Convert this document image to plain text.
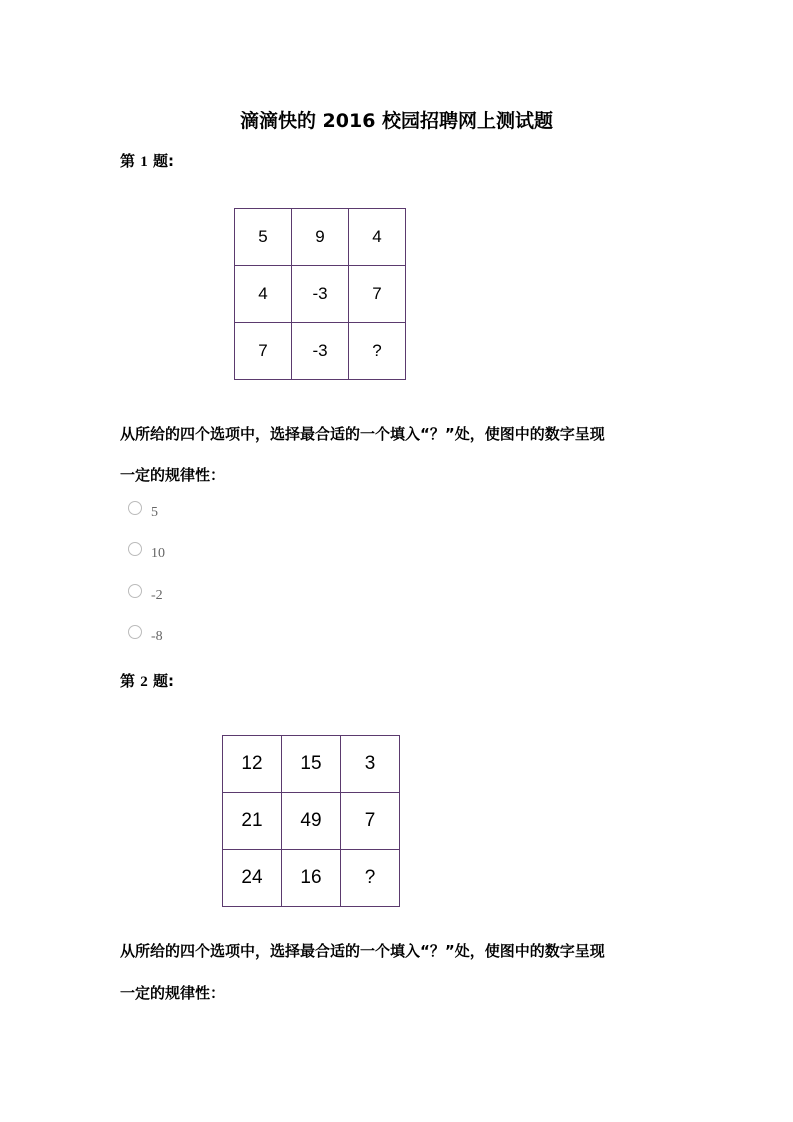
滴滴快的 2016 校园招聘网上测试题
第 1 题:
5	9	4
4	-3	7
7	-3	?
从所给的四个选项中，选择最合适的一个填入“？”处，使图中的数字呈现
一定的规律性：
5
10
-2
-8
第 2 题:
12	15	3
21	49	7
24	16	?
从所给的四个选项中，选择最合适的一个填入“？”处，使图中的数字呈现
一定的规律性：
